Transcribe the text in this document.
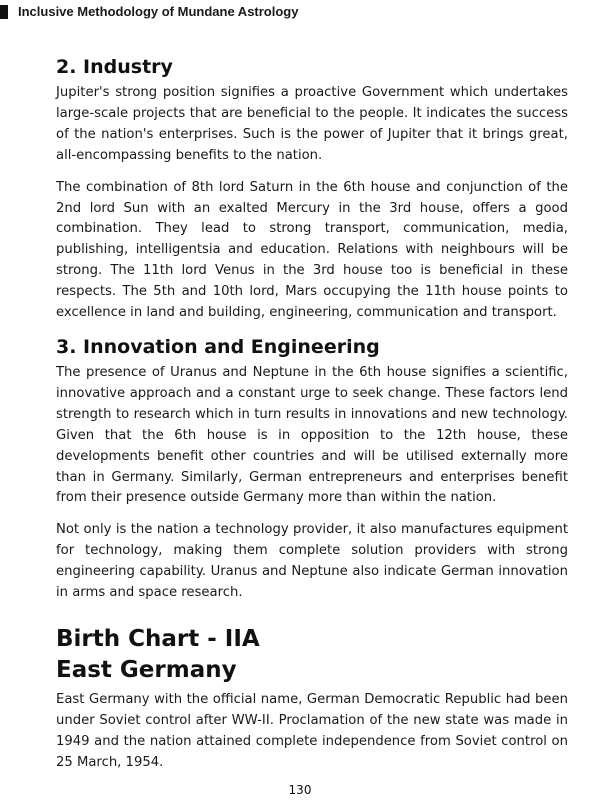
Inclusive Methodology of Mundane Astrology
2. Industry

Jupiter's strong position signifies a proactive Government which undertakes large-scale projects that are beneficial to the people. It indicates the success of the nation's enterprises. Such is the power of Jupiter that it brings great, all-encompassing benefits to the nation.

The combination of 8th lord Saturn in the 6th house and conjunction of the 2nd lord Sun with an exalted Mercury in the 3rd house, offers a good combination. They lead to strong transport, communication, media, publishing, intelligentsia and education. Relations with neighbours will be strong. The 11th lord Venus in the 3rd house too is beneficial in these respects. The 5th and 10th lord, Mars occupying the 11th house points to excellence in land and building, engineering, communication and transport.

3. Innovation and Engineering

The presence of Uranus and Neptune in the 6th house signifies a scientific, innovative approach and a constant urge to seek change. These factors lend strength to research which in turn results in innovations and new technology. Given that the 6th house is in opposition to the 12th house, these developments benefit other countries and will be utilised externally more than in Germany. Similarly, German entrepreneurs and enterprises benefit from their presence outside Germany more than within the nation.

Not only is the nation a technology provider, it also manufactures equipment for technology, making them complete solution providers with strong engineering capability. Uranus and Neptune also indicate German innovation in arms and space research.

Birth Chart - IIA
East Germany

East Germany with the official name, German Democratic Republic had been under Soviet control after WW-II. Proclamation of the new state was made in 1949 and the nation attained complete independence from Soviet control on 25 March, 1954.

130
